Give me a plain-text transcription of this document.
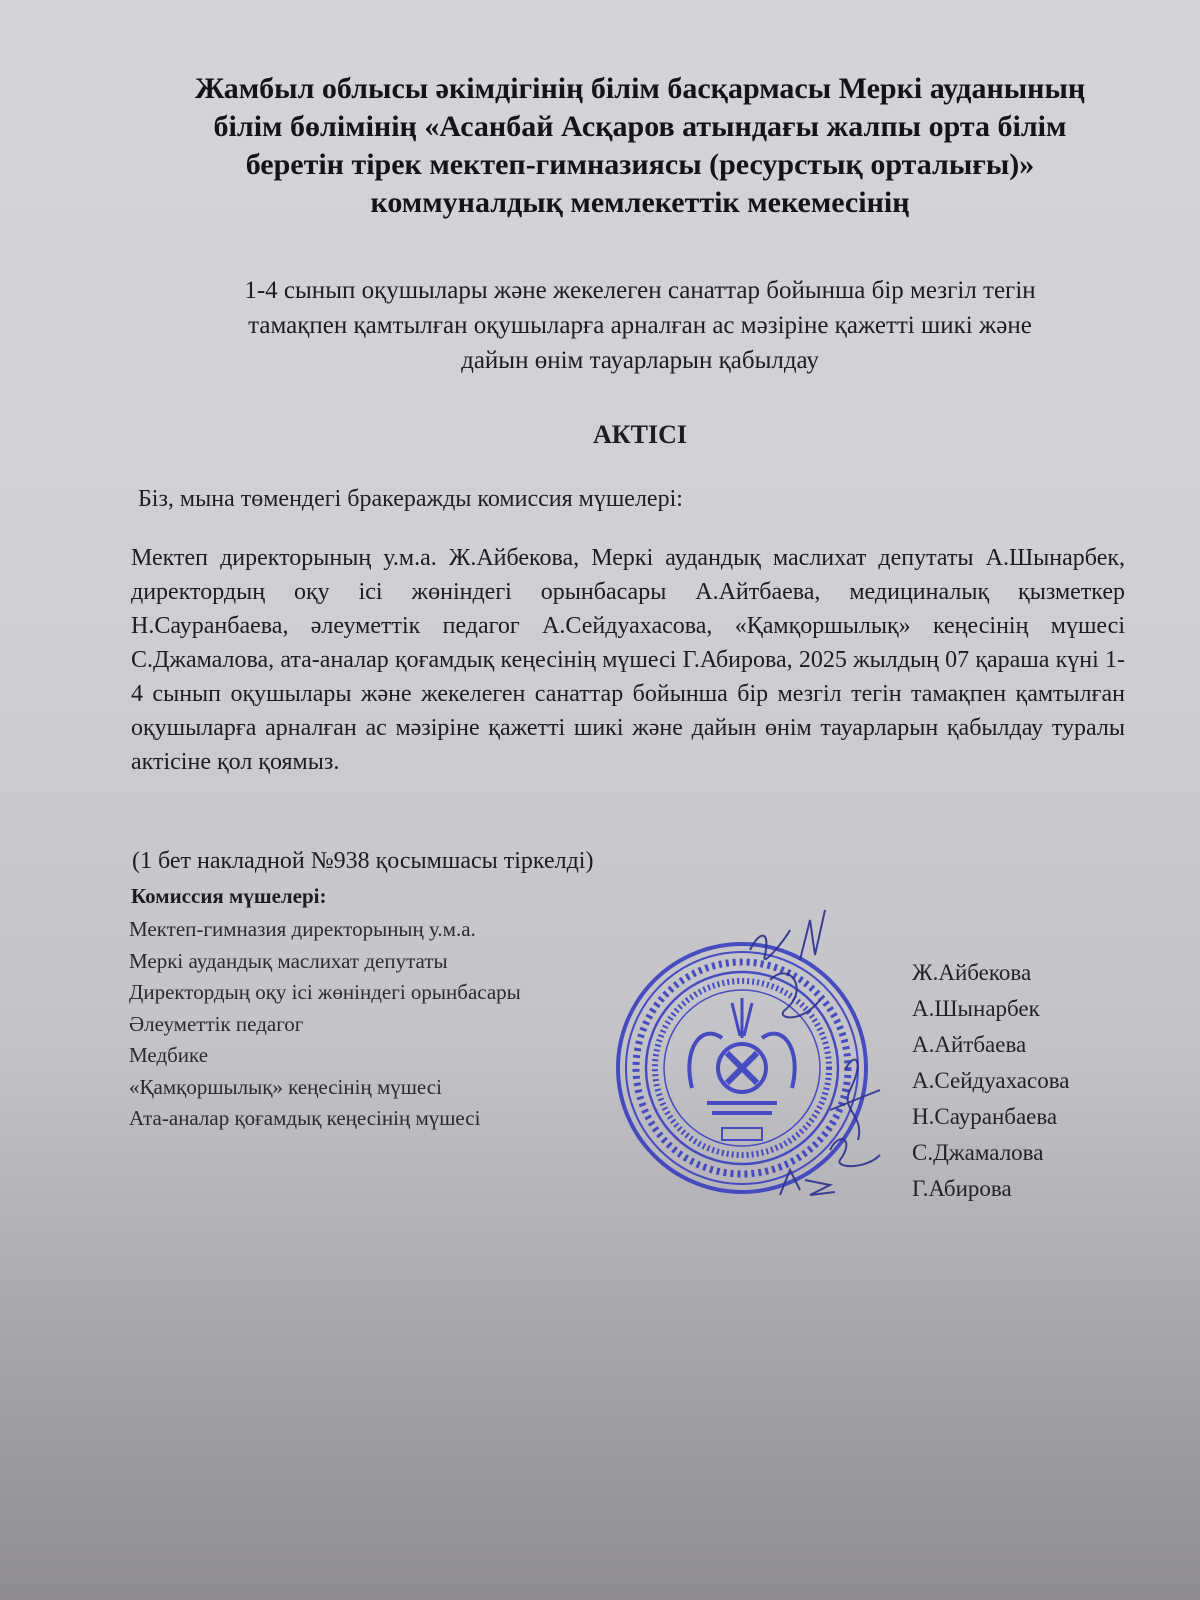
Жамбыл облысы әкімдігінің білім басқармасы Меркі ауданының
білім бөлімінің «Асанбай Асқаров атындағы жалпы орта білім
беретін тірек мектеп-гимназиясы (ресурстық орталығы)»
коммуналдық мемлекеттік мекемесінің
1-4 сынып оқушылары және жекелеген санаттар бойынша бір мезгіл тегін
тамақпен қамтылған оқушыларға арналған ас мәзіріне қажетті шикі және
дайын өнім тауарларын қабылдау
АКТІСІ
Біз, мына төмендегі бракеражды комиссия мүшелері:
Мектеп директорының у.м.а. Ж.Айбекова, Меркі аудандық маслихат депутаты А.Шынарбек, директордың оқу ісі жөніндегі орынбасары А.Айтбаева, медициналық қызметкер Н.Сауранбаева, әлеуметтік педагог А.Сейдуахасова, «Қамқоршылық» кеңесінің мүшесі С.Джамалова, ата-аналар қоғамдық кеңесінің мүшесі Г.Абирова, 2025 жылдың 07 қараша күні 1-4 сынып оқушылары және жекелеген санаттар бойынша бір мезгіл тегін тамақпен қамтылған оқушыларға арналған ас мәзіріне қажетті шикі және дайын өнім тауарларын қабылдау туралы актісіне қол қоямыз.
(1 бет накладной №938 қосымшасы тіркелді)
Комиссия мүшелері:
Мектеп-гимназия директорының у.м.а.
Меркі аудандық маслихат депутаты
Директордың оқу ісі жөніндегі орынбасары
Әлеуметтік педагог
Медбике
«Қамқоршылық» кеңесінің мүшесі
Ата-аналар қоғамдық кеңесінің мүшесі
Ж.Айбекова
А.Шынарбек
А.Айтбаева
А.Сейдуахасова
Н.Сауранбаева
С.Джамалова
Г.Абирова
